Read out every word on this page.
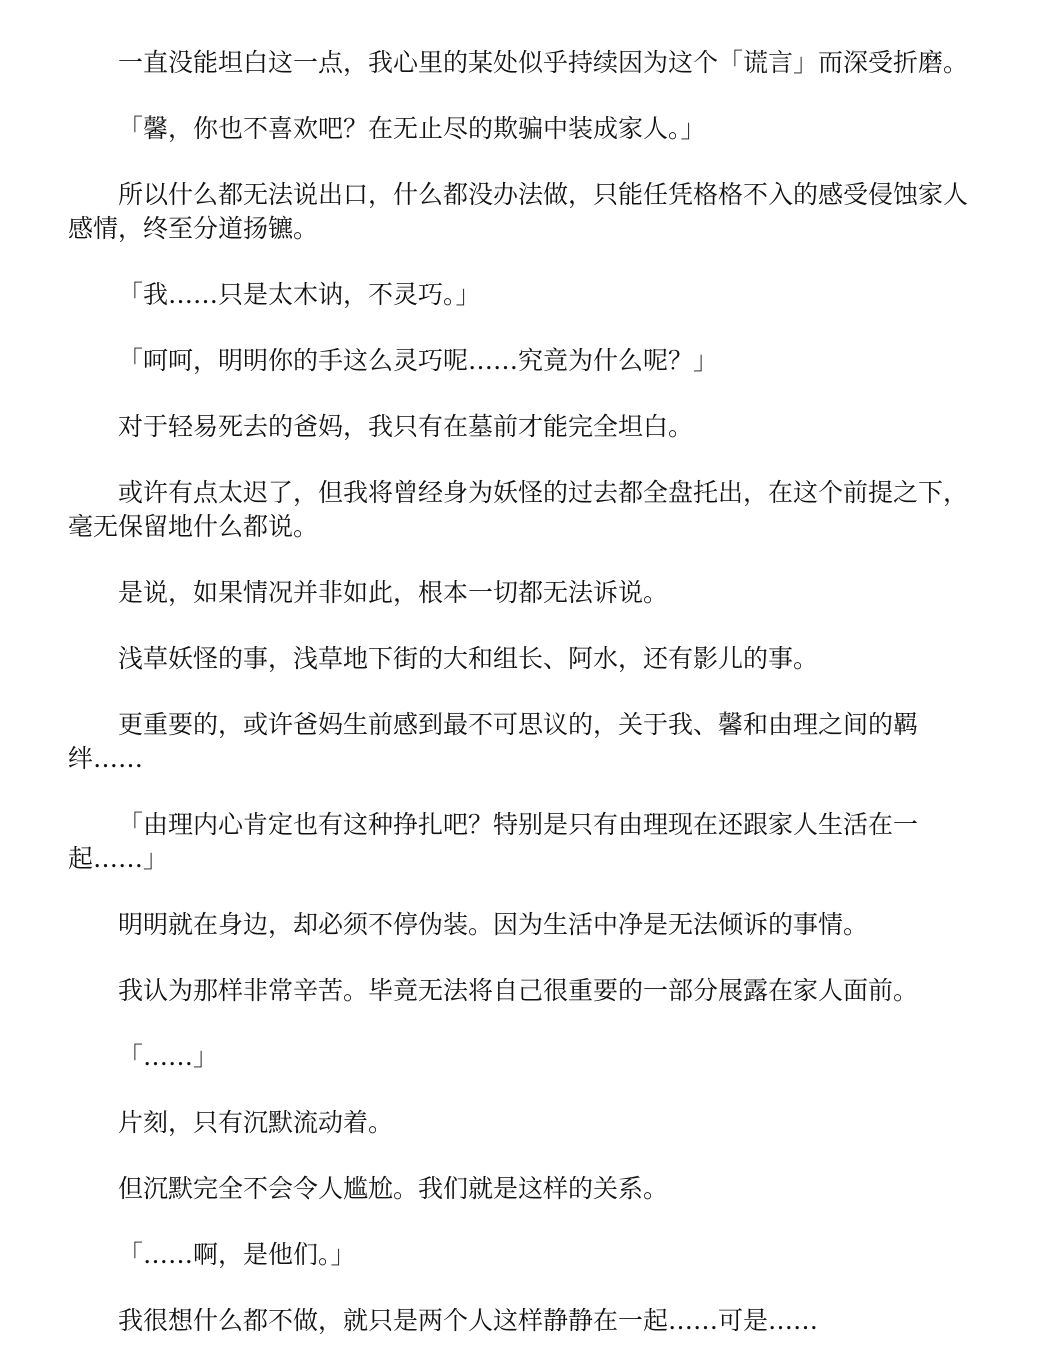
一直没能坦白这一点，我心里的某处似乎持续因为这个「谎言」而深受折磨。

「馨，你也不喜欢吧？在无止尽的欺骗中装成家人。」

所以什么都无法说出口，什么都没办法做，只能任凭格格不入的感受侵蚀家人感情，终至分道扬镳。

「我……只是太木讷，不灵巧。」

「呵呵，明明你的手这么灵巧呢……究竟为什么呢？」

对于轻易死去的爸妈，我只有在墓前才能完全坦白。

或许有点太迟了，但我将曾经身为妖怪的过去都全盘托出，在这个前提之下，毫无保留地什么都说。

是说，如果情况并非如此，根本一切都无法诉说。

浅草妖怪的事，浅草地下街的大和组长、阿水，还有影儿的事。

更重要的，或许爸妈生前感到最不可思议的，关于我、馨和由理之间的羁绊……

「由理内心肯定也有这种挣扎吧？特别是只有由理现在还跟家人生活在一起……」

明明就在身边，却必须不停伪装。因为生活中净是无法倾诉的事情。

我认为那样非常辛苦。毕竟无法将自己很重要的一部分展露在家人面前。

「……」

片刻，只有沉默流动着。

但沉默完全不会令人尴尬。我们就是这样的关系。

「……啊，是他们。」

我很想什么都不做，就只是两个人这样静静在一起……可是……
